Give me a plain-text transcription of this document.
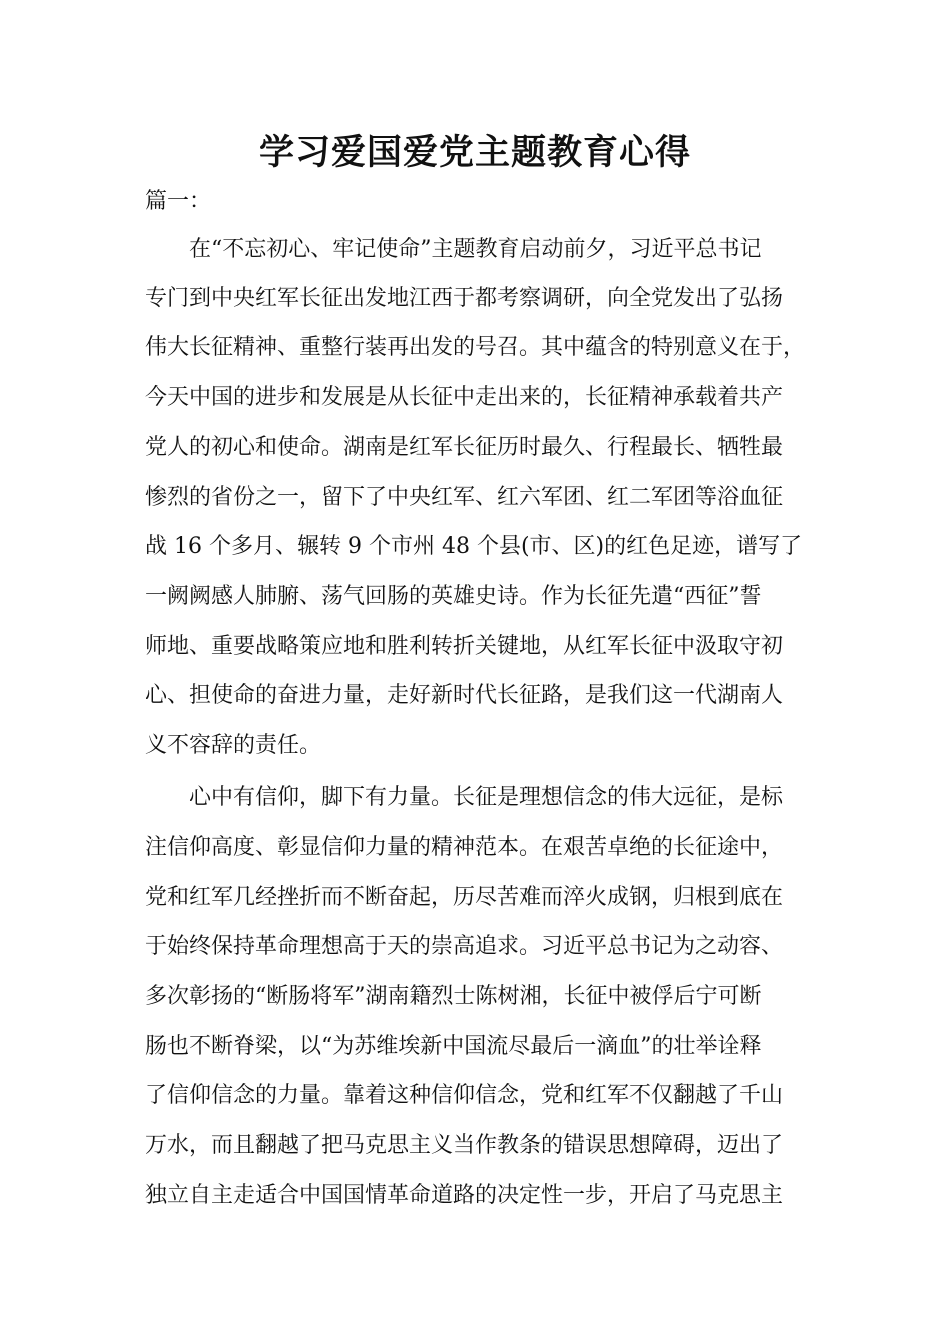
学习爱国爱党主题教育心得
篇一：
在“不忘初心、牢记使命”主题教育启动前夕，习近平总书记
专门到中央红军长征出发地江西于都考察调研，向全党发出了弘扬
伟大长征精神、重整行装再出发的号召。其中蕴含的特别意义在于，
今天中国的进步和发展是从长征中走出来的，长征精神承载着共产
党人的初心和使命。湖南是红军长征历时最久、行程最长、牺牲最
惨烈的省份之一，留下了中央红军、红六军团、红二军团等浴血征
战 16 个多月、辗转 9 个市州 48 个县(市、区)的红色足迹，谱写了
一阙阙感人肺腑、荡气回肠的英雄史诗。作为长征先遣“西征”誓
师地、重要战略策应地和胜利转折关键地，从红军长征中汲取守初
心、担使命的奋进力量，走好新时代长征路，是我们这一代湖南人
义不容辞的责任。
心中有信仰，脚下有力量。长征是理想信念的伟大远征，是标
注信仰高度、彰显信仰力量的精神范本。在艰苦卓绝的长征途中，
党和红军几经挫折而不断奋起，历尽苦难而淬火成钢，归根到底在
于始终保持革命理想高于天的崇高追求。习近平总书记为之动容、
多次彰扬的“断肠将军”湖南籍烈士陈树湘，长征中被俘后宁可断
肠也不断脊梁，以“为苏维埃新中国流尽最后一滴血”的壮举诠释
了信仰信念的力量。靠着这种信仰信念，党和红军不仅翻越了千山
万水，而且翻越了把马克思主义当作教条的错误思想障碍，迈出了
独立自主走适合中国国情革命道路的决定性一步，开启了马克思主
